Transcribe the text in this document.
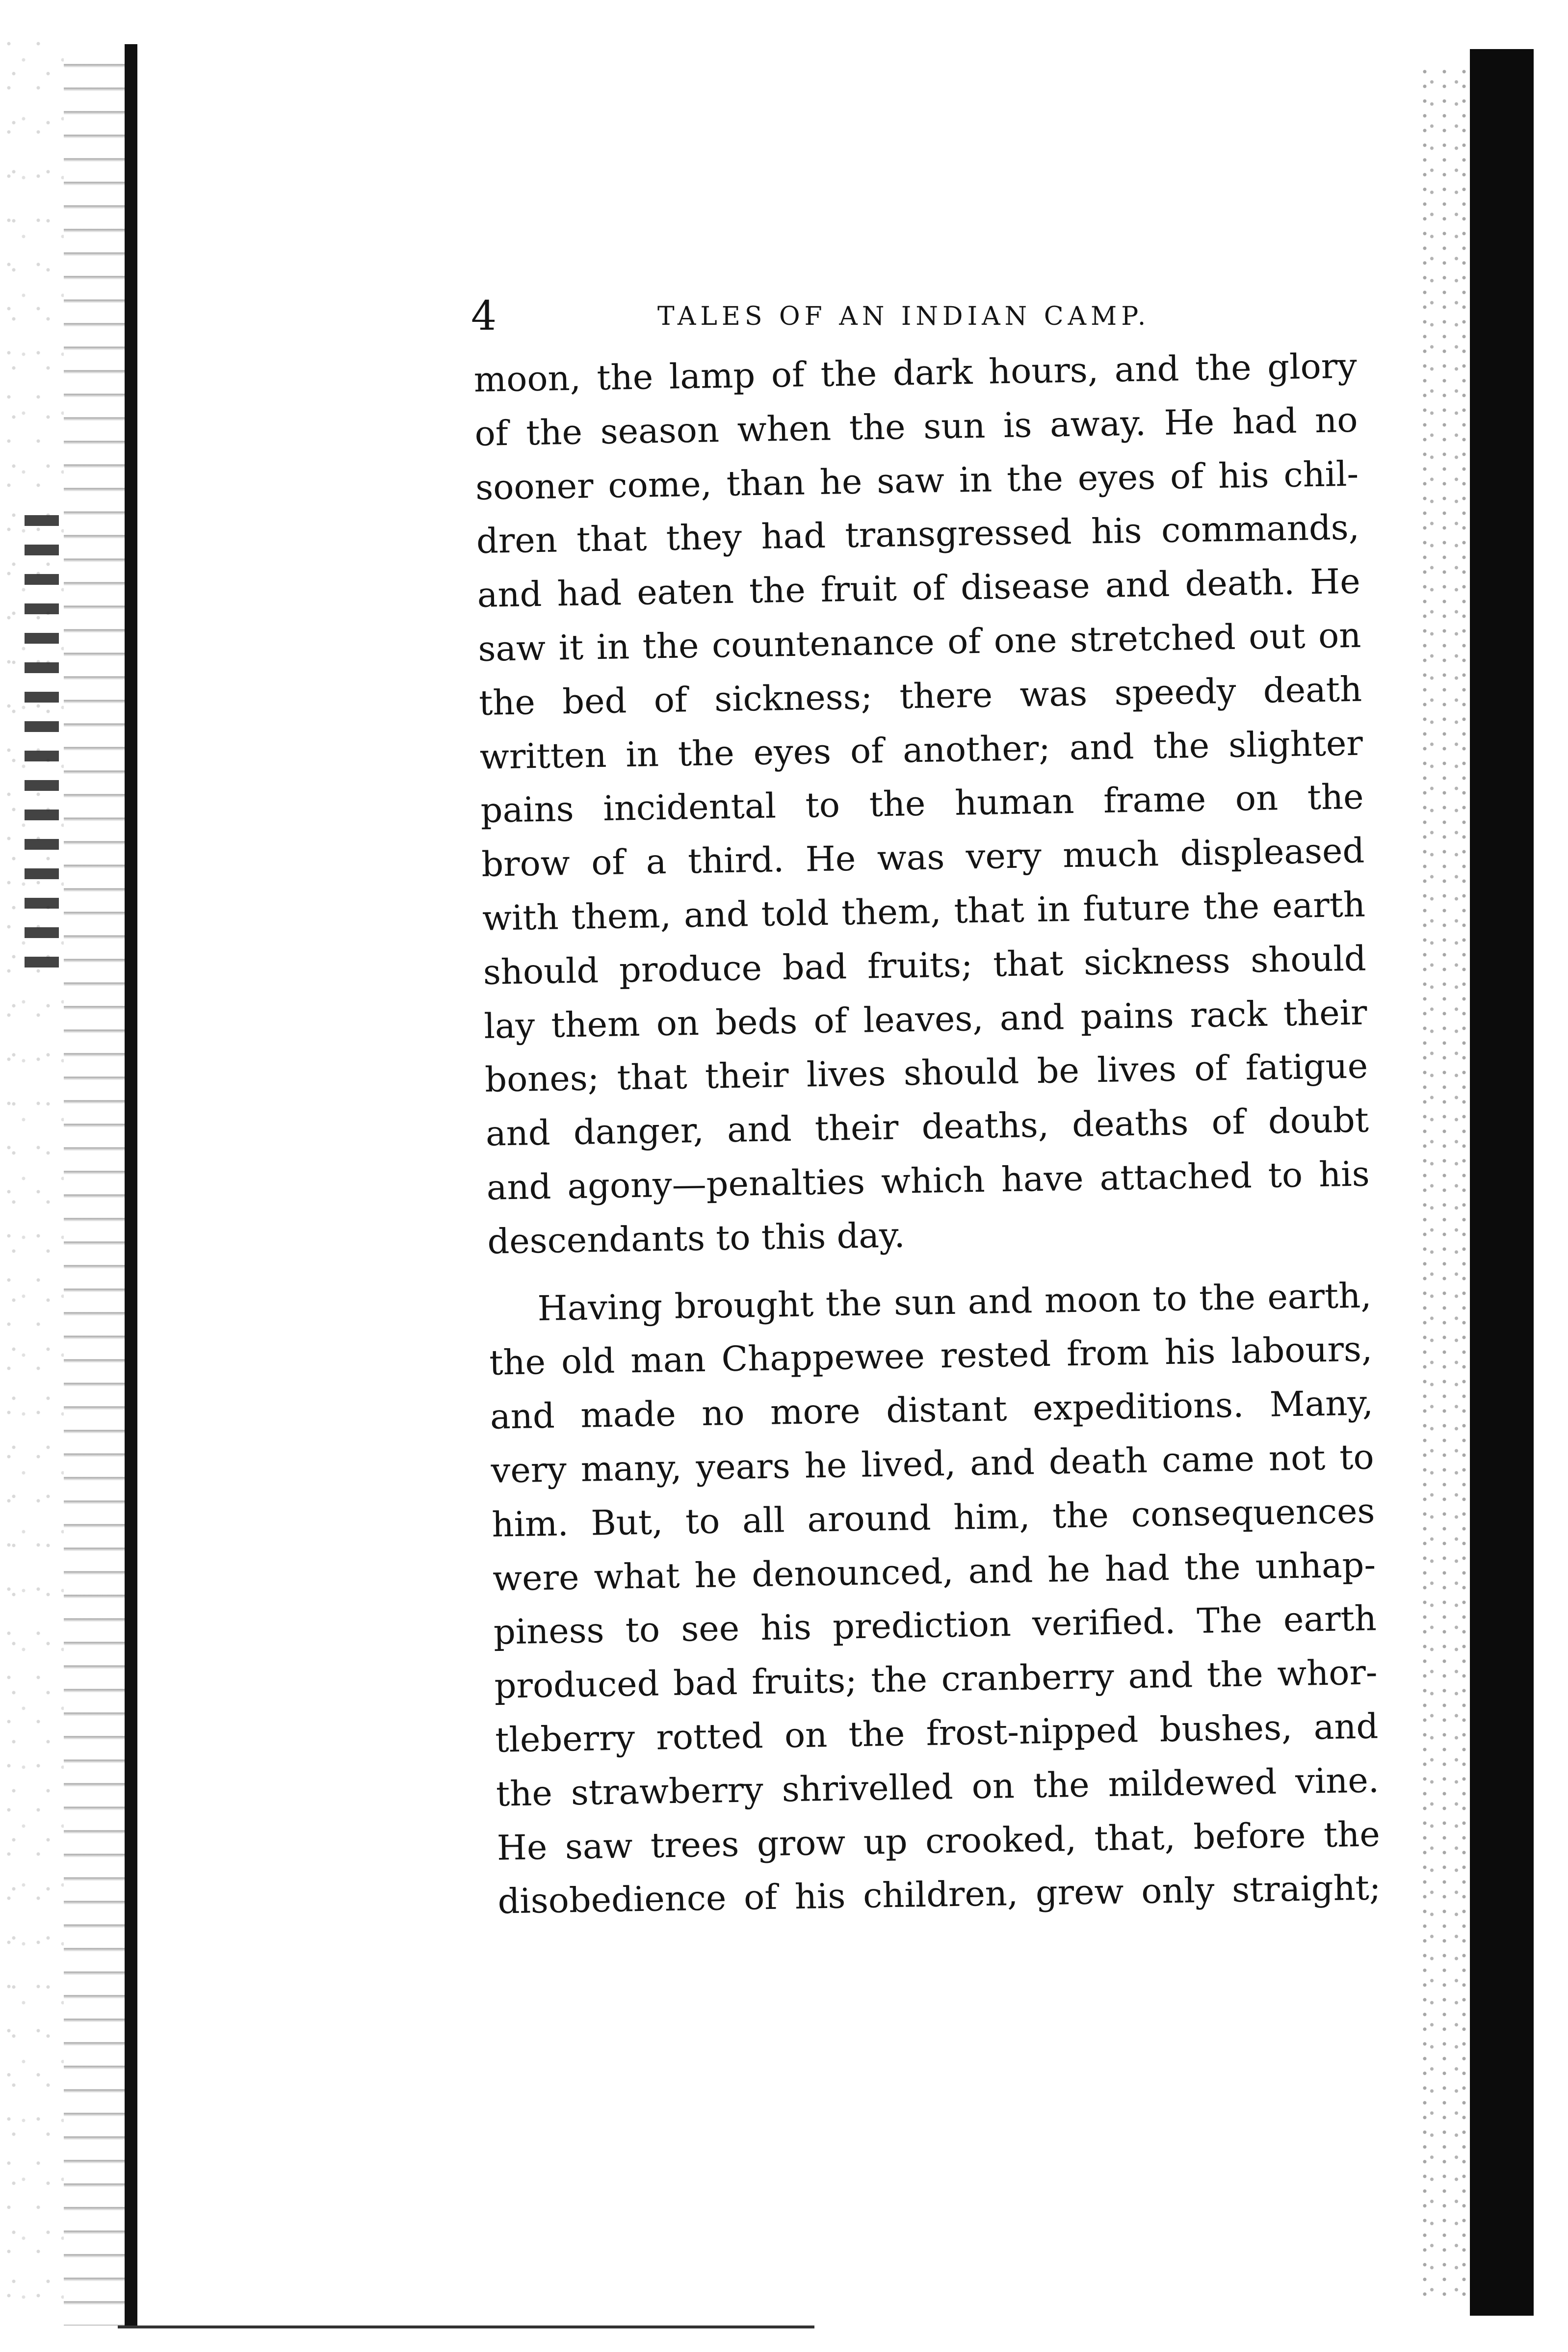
4	TALES OF AN INDIAN CAMP.
moon, the lamp of the dark hours, and the glory
of the season when the sun is away. He had no
sooner come, than he saw in the eyes of his chil-
dren that they had transgressed his commands,
and had eaten the fruit of disease and death. He
saw it in the countenance of one stretched out on
the bed of sickness; there was speedy death
written in the eyes of another; and the slighter
pains incidental to the human frame on the
brow of a third. He was very much displeased
with them, and told them, that in future the earth
should produce bad fruits; that sickness should
lay them on beds of leaves, and pains rack their
bones; that their lives should be lives of fatigue
and danger, and their deaths, deaths of doubt
and agony—penalties which have attached to his
descendants to this day.
Having brought the sun and moon to the earth,
the old man Chappewee rested from his labours,
and made no more distant expeditions. Many,
very many, years he lived, and death came not to
him. But, to all around him, the consequences
were what he denounced, and he had the unhap-
piness to see his prediction verified. The earth
produced bad fruits; the cranberry and the whor-
tleberry rotted on the frost-nipped bushes, and
the strawberry shrivelled on the mildewed vine.
He saw trees grow up crooked, that, before the
disobedience of his children, grew only straight;
